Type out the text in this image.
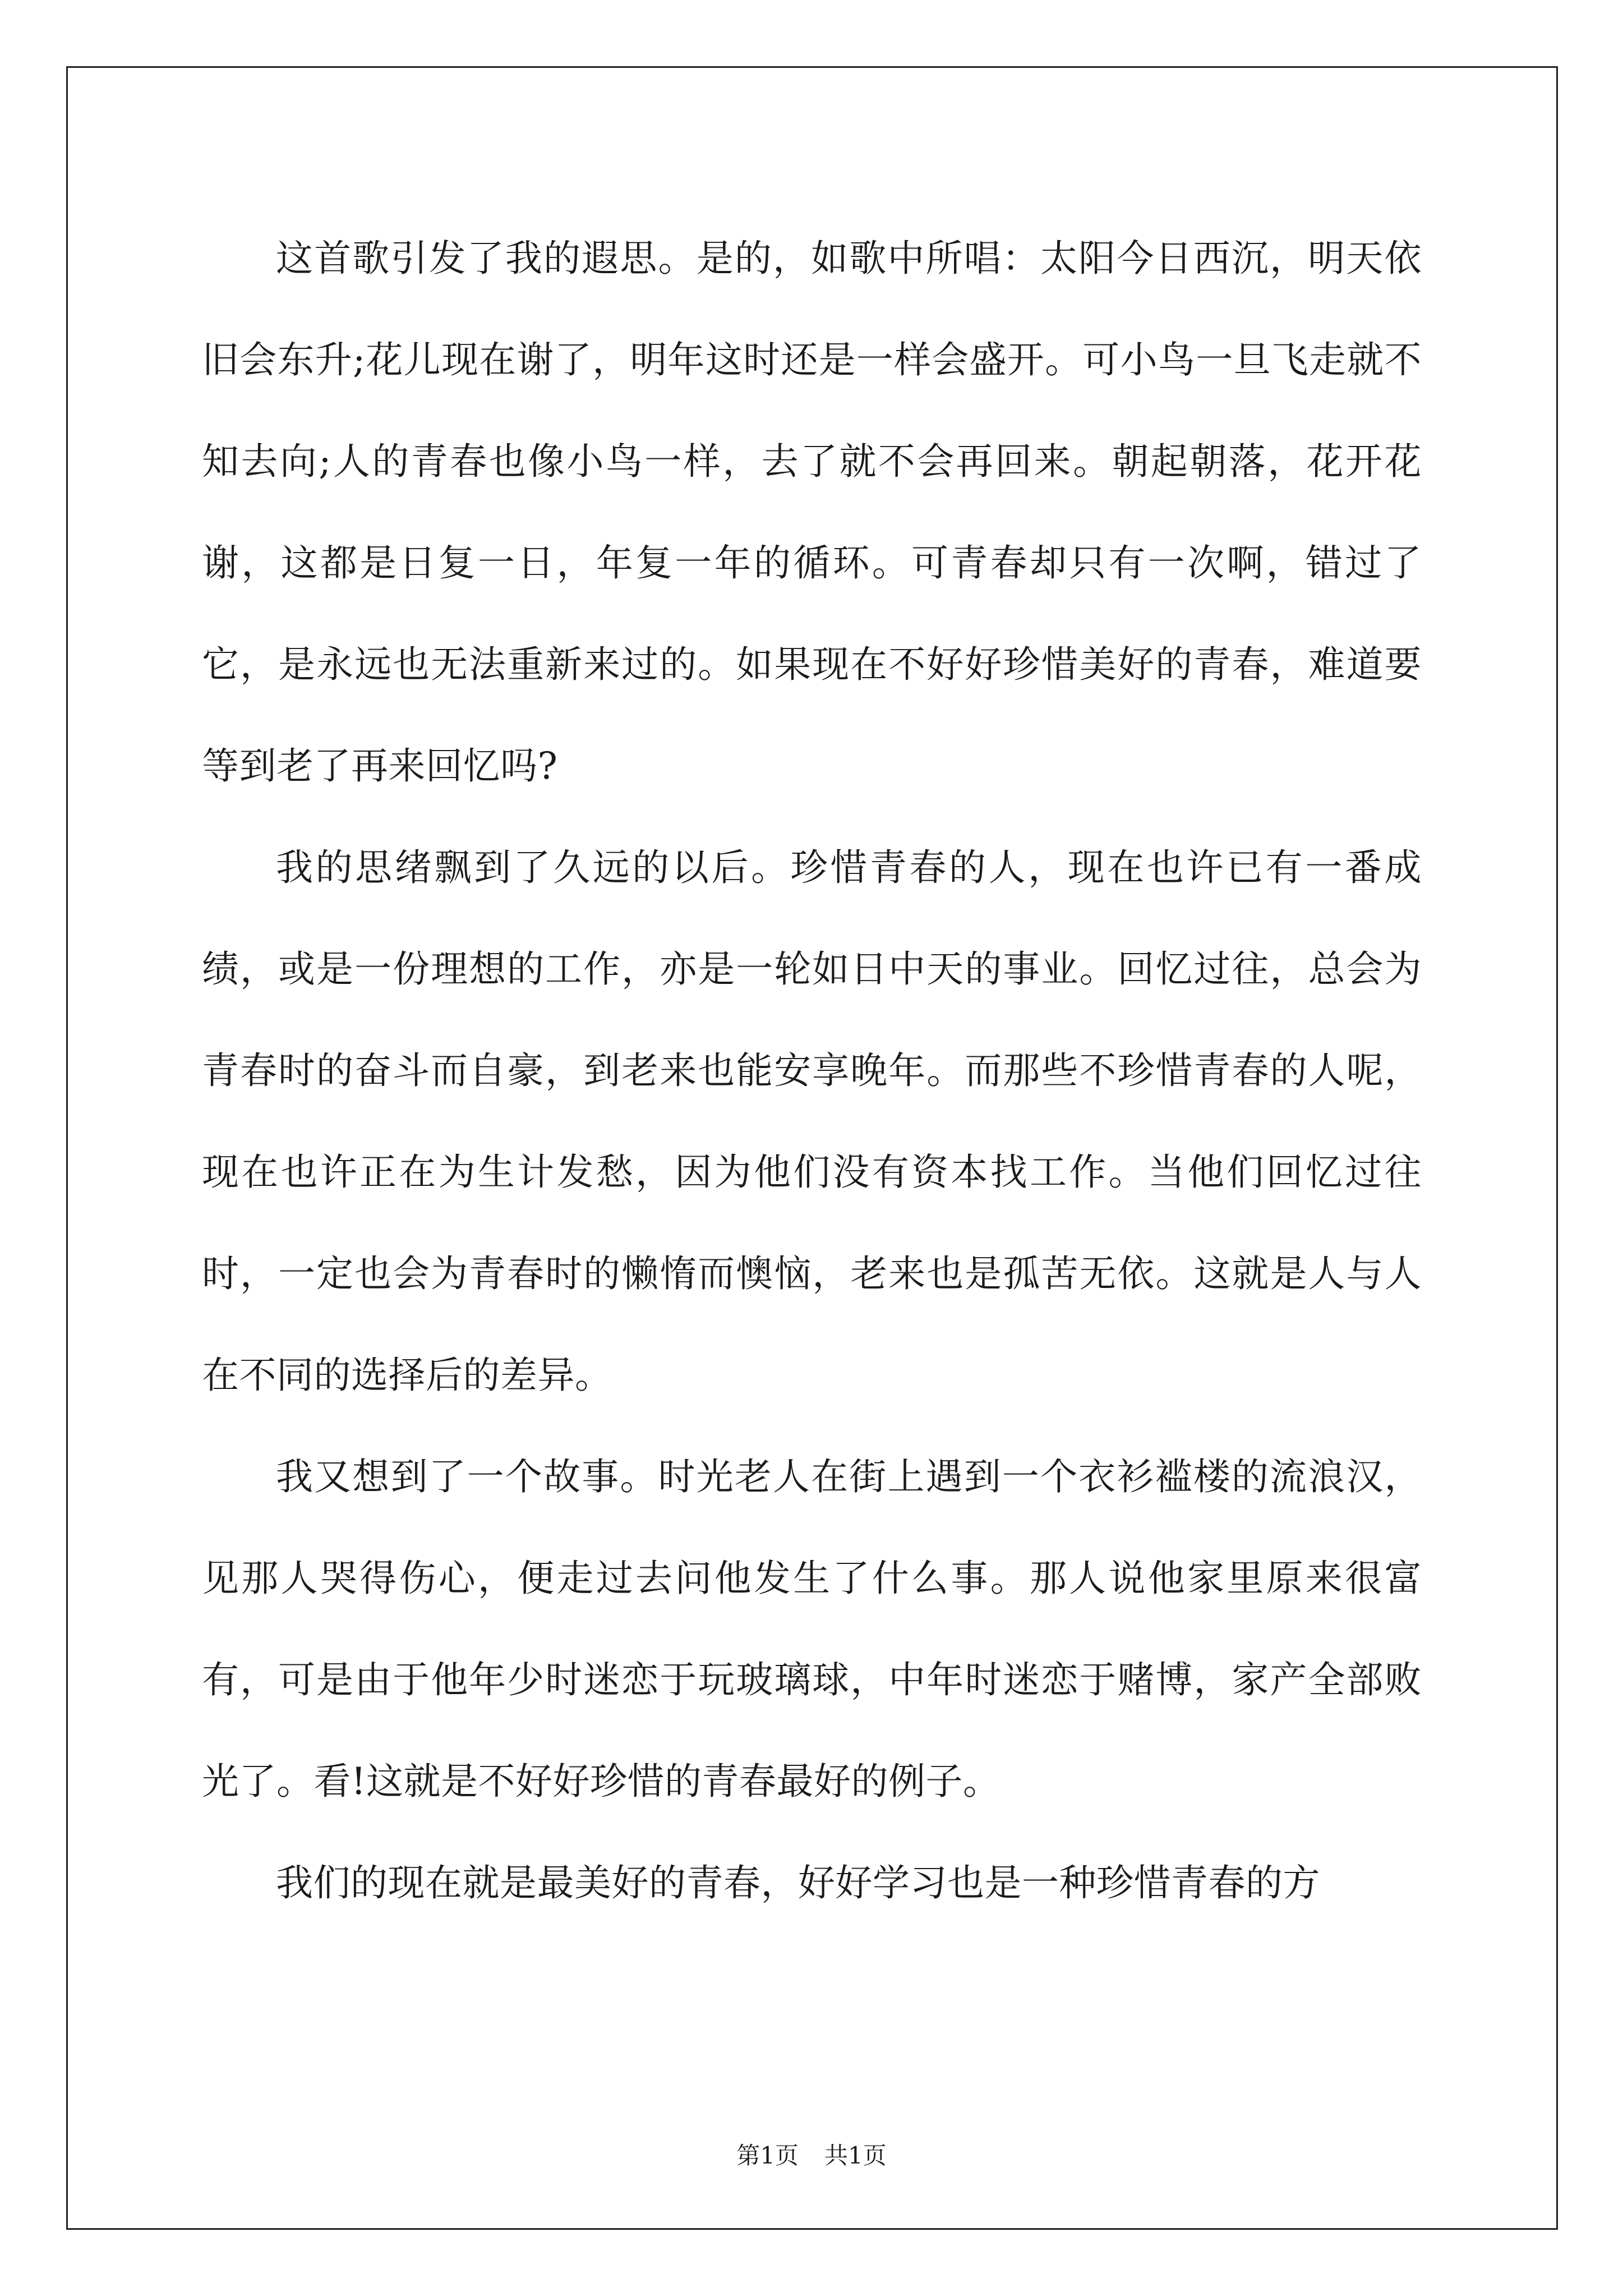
这首歌引发了我的遐思。是的，如歌中所唱：太阳今日西沉，明天依旧会东升;花儿现在谢了，明年这时还是一样会盛开。可小鸟一旦飞走就不知去向;人的青春也像小鸟一样，去了就不会再回来。朝起朝落，花开花谢，这都是日复一日，年复一年的循环。可青春却只有一次啊，错过了它，是永远也无法重新来过的。如果现在不好好珍惜美好的青春，难道要等到老了再来回忆吗?

我的思绪飘到了久远的以后。珍惜青春的人，现在也许已有一番成绩，或是一份理想的工作，亦是一轮如日中天的事业。回忆过往，总会为青春时的奋斗而自豪，到老来也能安享晚年。而那些不珍惜青春的人呢，现在也许正在为生计发愁，因为他们没有资本找工作。当他们回忆过往时，一定也会为青春时的懒惰而懊恼，老来也是孤苦无依。这就是人与人在不同的选择后的差异。

我又想到了一个故事。时光老人在街上遇到一个衣衫褴楼的流浪汉，见那人哭得伤心，便走过去问他发生了什么事。那人说他家里原来很富有，可是由于他年少时迷恋于玩玻璃球，中年时迷恋于赌博，家产全部败光了。看!这就是不好好珍惜的青春最好的例子。

我们的现在就是最美好的青春，好好学习也是一种珍惜青春的方

第1页 共1页
